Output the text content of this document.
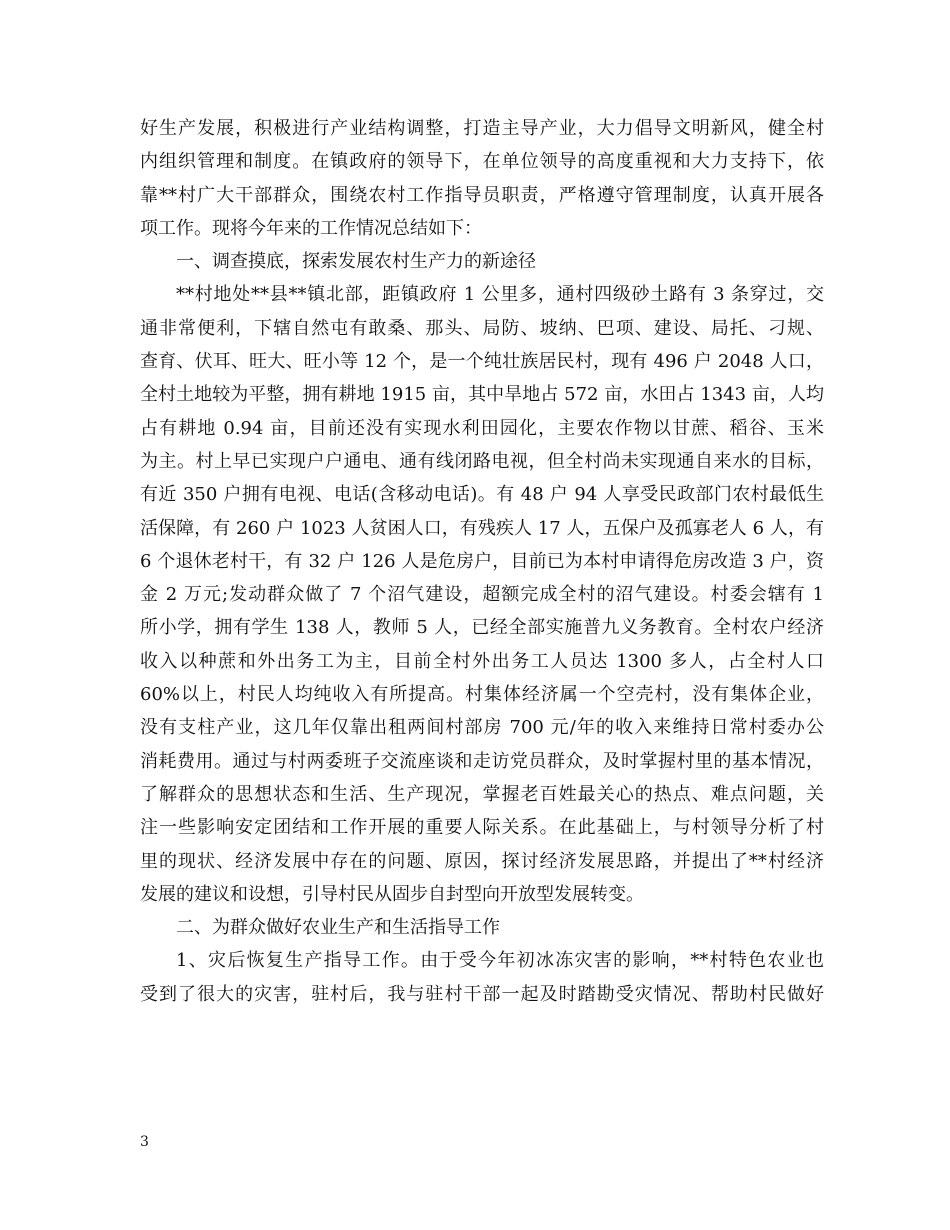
好生产发展，积极进行产业结构调整，打造主导产业，大力倡导文明新风，健全村
内组织管理和制度。在镇政府的领导下，在单位领导的高度重视和大力支持下，依
靠**村广大干部群众，围绕农村工作指导员职责，严格遵守管理制度，认真开展各
项工作。现将今年来的工作情况总结如下：
一、调查摸底，探索发展农村生产力的新途径
**村地处**县**镇北部，距镇政府 1 公里多，通村四级砂土路有 3 条穿过，交
通非常便利，下辖自然屯有敢桑、那头、局防、坡纳、巴项、建设、局托、刁规、
查育、伏耳、旺大、旺小等 12 个，是一个纯壮族居民村，现有 496 户 2048 人口，
全村土地较为平整，拥有耕地 1915 亩，其中旱地占 572 亩，水田占 1343 亩，人均
占有耕地 0.94 亩，目前还没有实现水利田园化，主要农作物以甘蔗、稻谷、玉米
为主。村上早已实现户户通电、通有线闭路电视，但全村尚未实现通自来水的目标，
有近 350 户拥有电视、电话(含移动电话)。有 48 户 94 人享受民政部门农村最低生
活保障，有 260 户 1023 人贫困人口，有残疾人 17 人，五保户及孤寡老人 6 人，有
6 个退休老村干，有 32 户 126 人是危房户，目前已为本村申请得危房改造 3 户，资
金 2 万元;发动群众做了 7 个沼气建设，超额完成全村的沼气建设。村委会辖有 1
所小学，拥有学生 138 人，教师 5 人，已经全部实施普九义务教育。全村农户经济
收入以种蔗和外出务工为主，目前全村外出务工人员达 1300 多人，占全村人口
60%以上，村民人均纯收入有所提高。村集体经济属一个空壳村，没有集体企业，
没有支柱产业，这几年仅靠出租两间村部房 700 元/年的收入来维持日常村委办公
消耗费用。通过与村两委班子交流座谈和走访党员群众，及时掌握村里的基本情况，
了解群众的思想状态和生活、生产现况，掌握老百姓最关心的热点、难点问题，关
注一些影响安定团结和工作开展的重要人际关系。在此基础上，与村领导分析了村
里的现状、经济发展中存在的问题、原因，探讨经济发展思路，并提出了**村经济
发展的建议和设想，引导村民从固步自封型向开放型发展转变。
二、为群众做好农业生产和生活指导工作
1、灾后恢复生产指导工作。由于受今年初冰冻灾害的影响，**村特色农业也
受到了很大的灾害，驻村后，我与驻村干部一起及时踏勘受灾情况、帮助村民做好
3
